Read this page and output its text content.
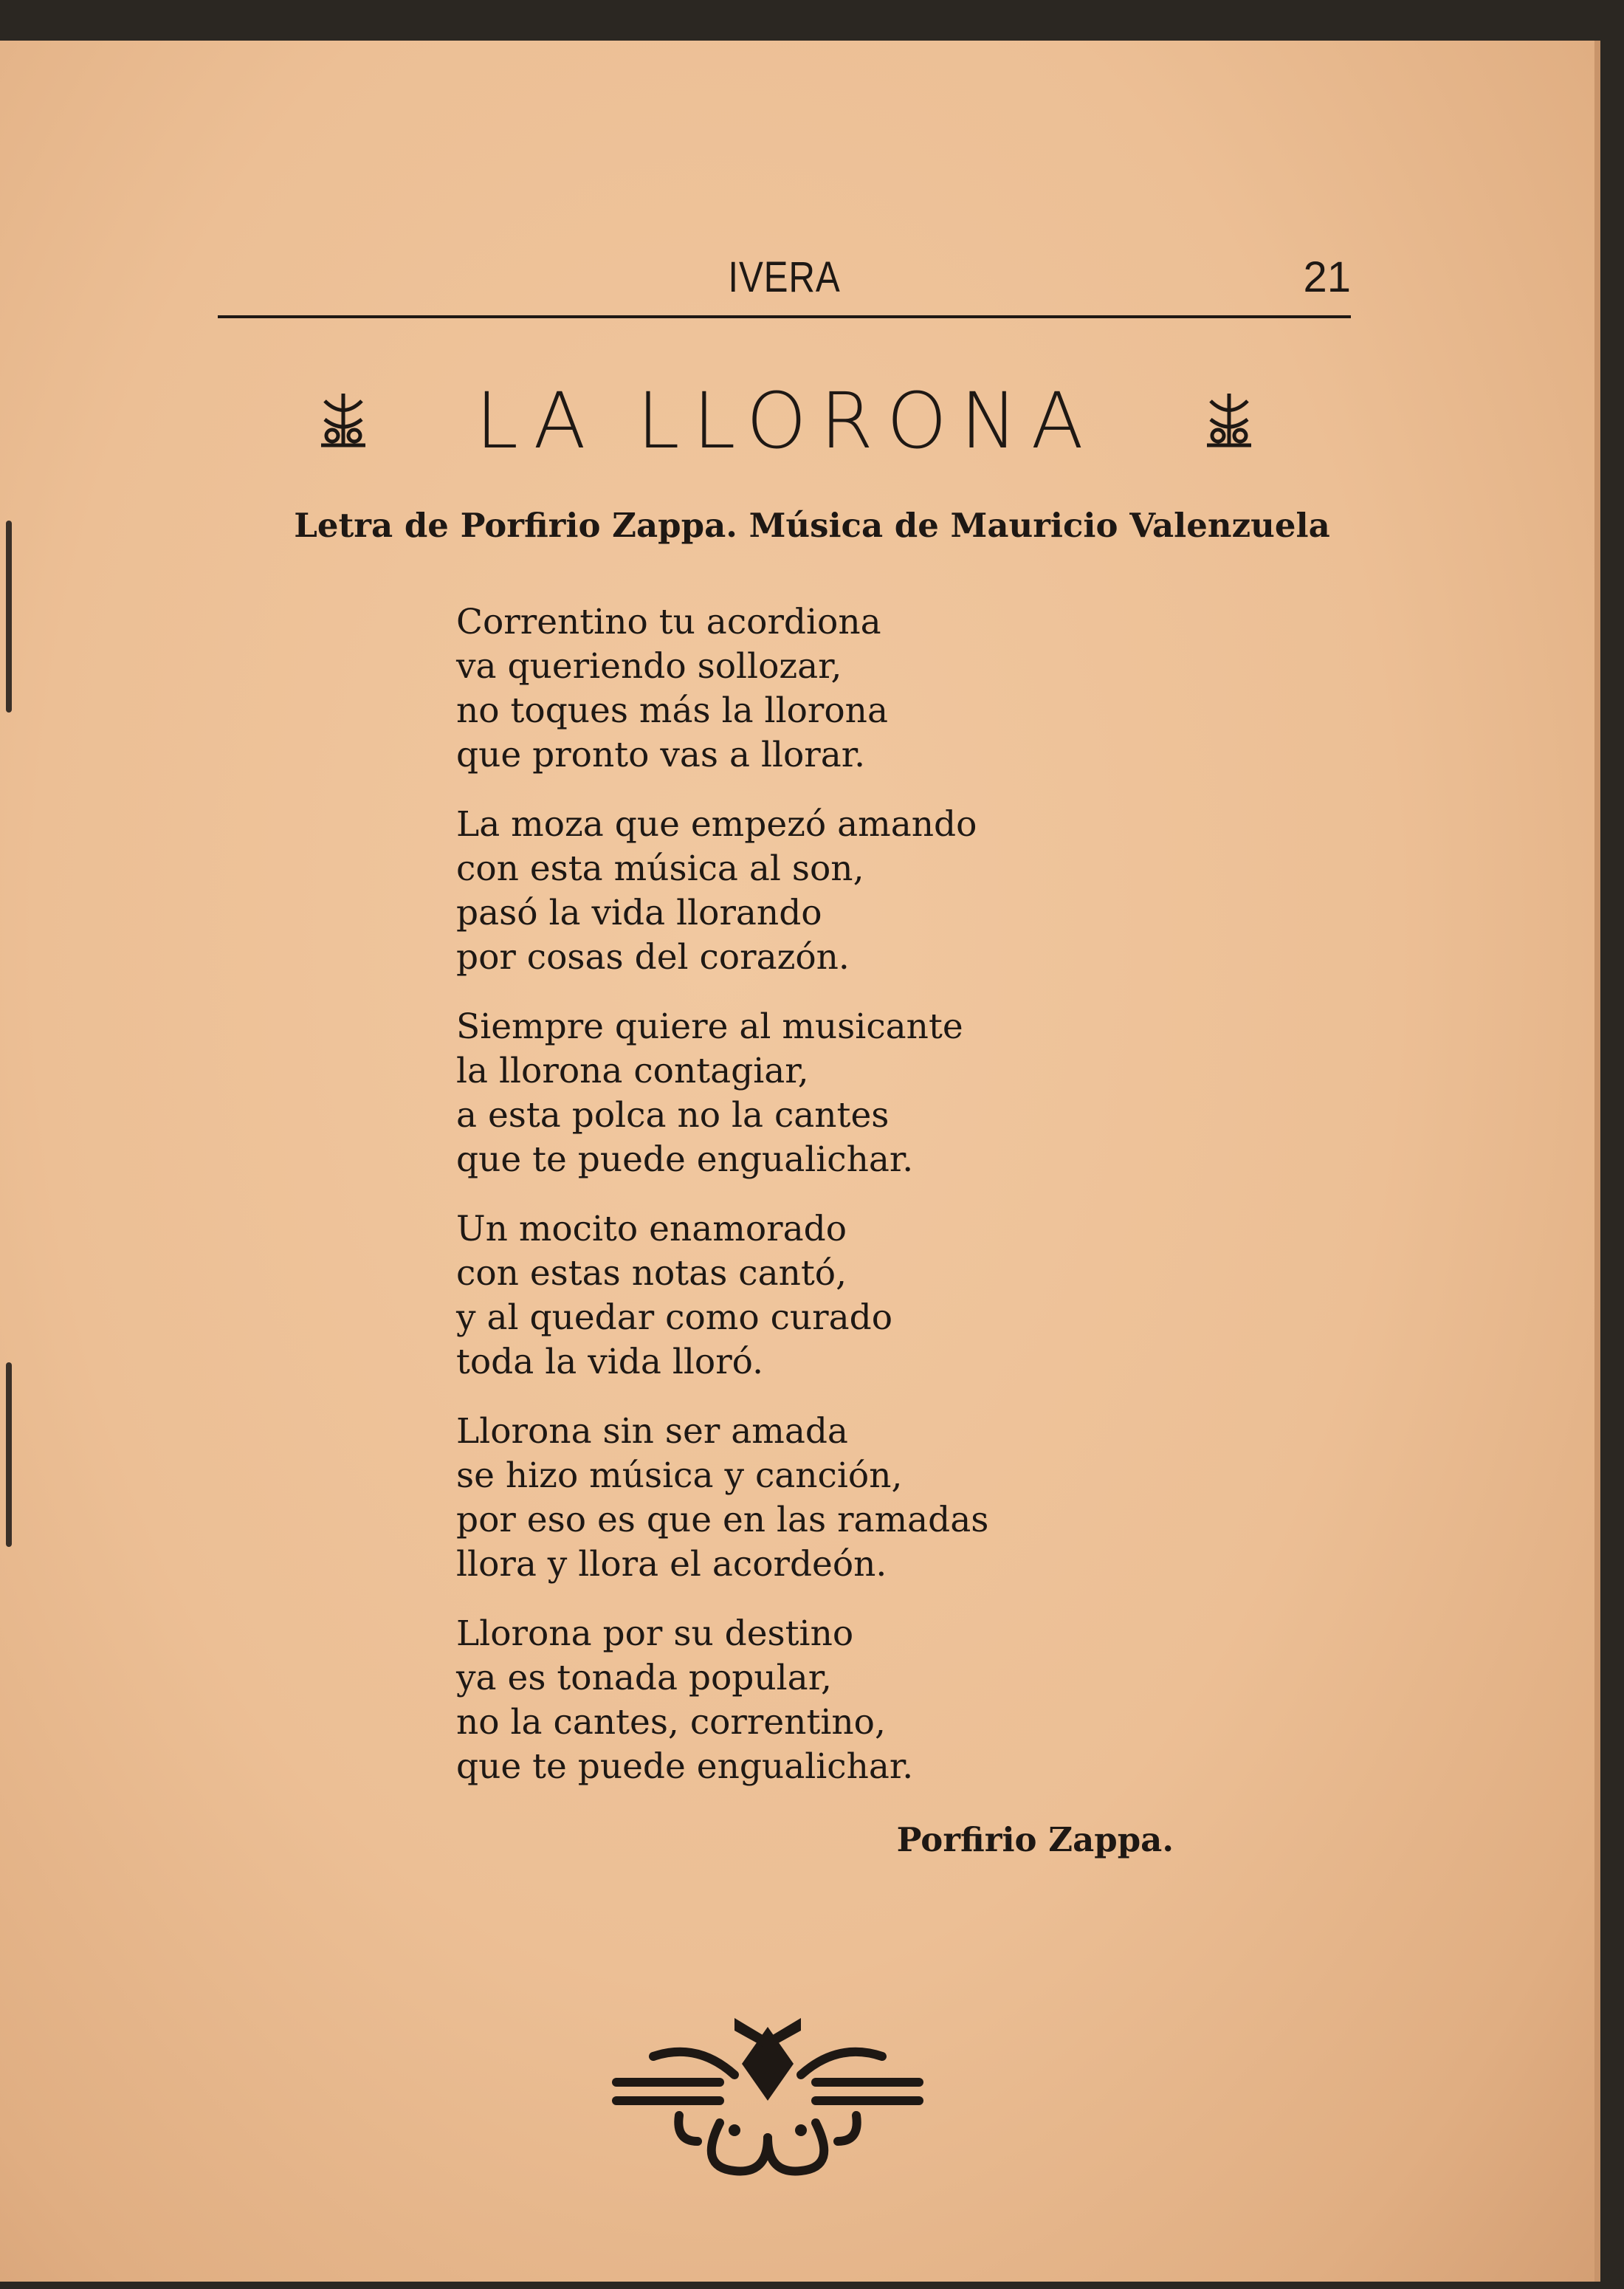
IVERA	21
LA LLORONA
Letra de Porfirio Zappa. Música de Mauricio Valenzuela
Correntino tu acordiona
va queriendo sollozar,
no toques más la llorona
que pronto vas a llorar.
La moza que empezó amando
con esta música al son,
pasó la vida llorando
por cosas del corazón.
Siempre quiere al musicante
la llorona contagiar,
a esta polca no la cantes
que te puede engualichar.
Un mocito enamorado
con estas notas cantó,
y al quedar como curado
toda la vida lloró.
Llorona sin ser amada
se hizo música y canción,
por eso es que en las ramadas
llora y llora el acordeón.
Llorona por su destino
ya es tonada popular,
no la cantes, correntino,
que te puede engualichar.
Porfirio Zappa.
